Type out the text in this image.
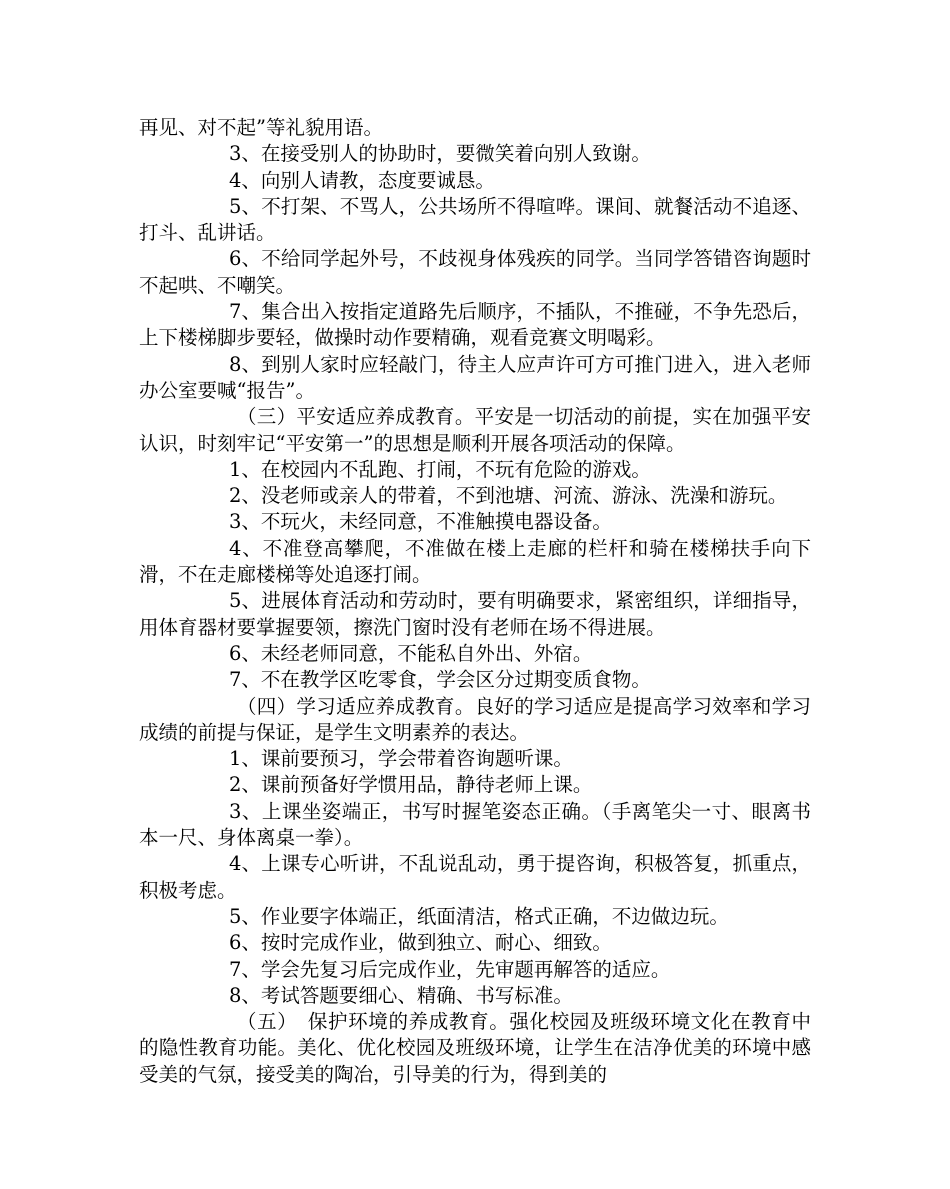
再见、对不起”等礼貌用语。

3、在接受别人的协助时，要微笑着向别人致谢。

4、向别人请教，态度要诚恳。

5、不打架、不骂人，公共场所不得喧哗。课间、就餐活动不追逐、打斗、乱讲话。

6、不给同学起外号，不歧视身体残疾的同学。当同学答错咨询题时不起哄、不嘲笑。

7、集合出入按指定道路先后顺序，不插队，不推碰，不争先恐后，上下楼梯脚步要轻，做操时动作要精确，观看竞赛文明喝彩。

8、到别人家时应轻敲门，待主人应声许可方可推门进入，进入老师办公室要喊“报告”。

（三）平安适应养成教育。平安是一切活动的前提，实在加强平安认识，时刻牢记“平安第一”的思想是顺利开展各项活动的保障。

1、在校园内不乱跑、打闹，不玩有危险的游戏。

2、没老师或亲人的带着，不到池塘、河流、游泳、洗澡和游玩。

3、不玩火，未经同意，不准触摸电器设备。

4、不准登高攀爬，不准做在楼上走廊的栏杆和骑在楼梯扶手向下滑，不在走廊楼梯等处追逐打闹。

5、进展体育活动和劳动时，要有明确要求，紧密组织，详细指导，用体育器材要掌握要领，擦洗门窗时没有老师在场不得进展。

6、未经老师同意，不能私自外出、外宿。

7、不在教学区吃零食，学会区分过期变质食物。

（四）学习适应养成教育。良好的学习适应是提高学习效率和学习成绩的前提与保证，是学生文明素养的表达。

1、课前要预习，学会带着咨询题听课。

2、课前预备好学惯用品，静待老师上课。

3、上课坐姿端正，书写时握笔姿态正确。（手离笔尖一寸、眼离书本一尺、身体离桌一拳）。

4、上课专心听讲，不乱说乱动，勇于提咨询，积极答复，抓重点，积极考虑。

5、作业要字体端正，纸面清洁，格式正确，不边做边玩。

6、按时完成作业，做到独立、耐心、细致。

7、学会先复习后完成作业，先审题再解答的适应。

8、考试答题要细心、精确、书写标准。

（五）　保护环境的养成教育。强化校园及班级环境文化在教育中的隐性教育功能。美化、优化校园及班级环境，让学生在洁净优美的环境中感受美的气氛，接受美的陶冶，引导美的行为，得到美的
